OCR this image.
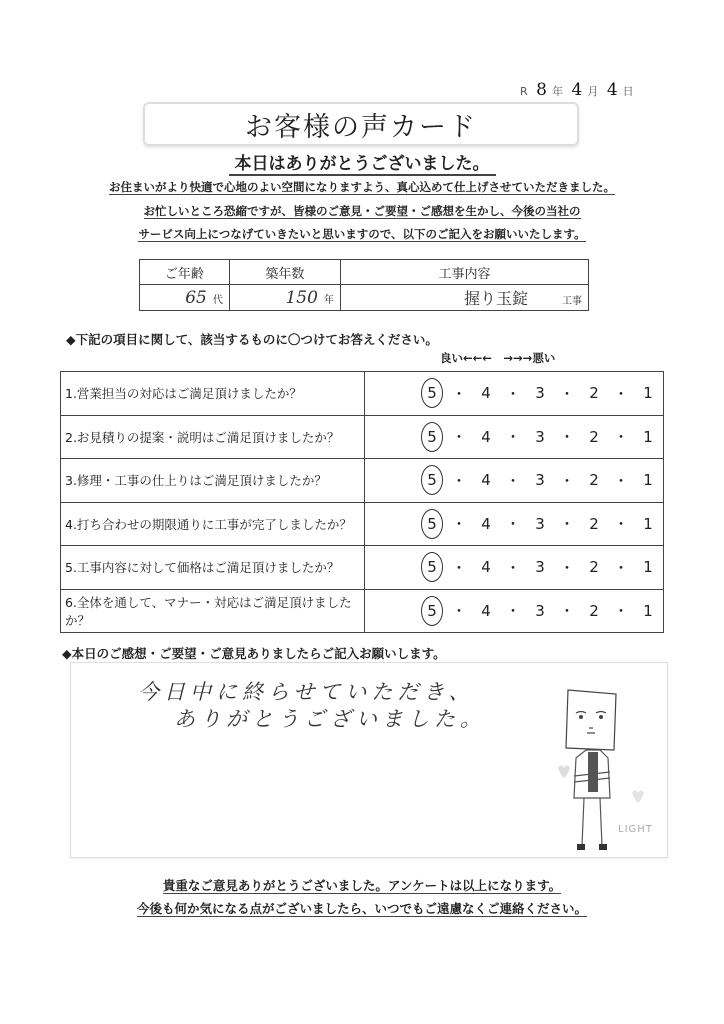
R 8 年 4 月 4 日
お客様の声カード
本日はありがとうございました。
お住まいがより快適で心地のよい空間になりますよう、真心込めて仕上げさせていただきました。
お忙しいところ恐縮ですが、皆様のご意見・ご要望・ご感想を生かし、今後の当社の
サービス向上につなげていきたいと思いますので、以下のご記入をお願いいたします。
ご年齢	築年数	工事内容
65 代	150 年	握り玉錠 工事
◆下記の項目に関して、該当するものに〇つけてお答えください。
良い←←←　→→→悪い
1.営業担当の対応はご満足頂けましたか？	5 ・ 4 ・ 3 ・ 2 ・ 1

2.お見積りの提案・説明はご満足頂けましたか？	5 ・ 4 ・ 3 ・ 2 ・ 1

3.修理・工事の仕上りはご満足頂けましたか？	5 ・ 4 ・ 3 ・ 2 ・ 1

4.打ち合わせの期限通りに工事が完了しましたか？	5 ・ 4 ・ 3 ・ 2 ・ 1

5.工事内容に対して価格はご満足頂けましたか？	5 ・ 4 ・ 3 ・ 2 ・ 1

6.全体を通して、マナー・対応はご満足頂けましたか？	
5 ・ 4 ・ 3 ・ 2 ・ 1
◆本日のご感想・ご要望・ご意見ありましたらご記入お願いします。
今日中に終らせていただき、
ありがとうございました。
LIGHT
貴重なご意見ありがとうございました。アンケートは以上になります。
今後も何か気になる点がございましたら、いつでもご遠慮なくご連絡ください。
